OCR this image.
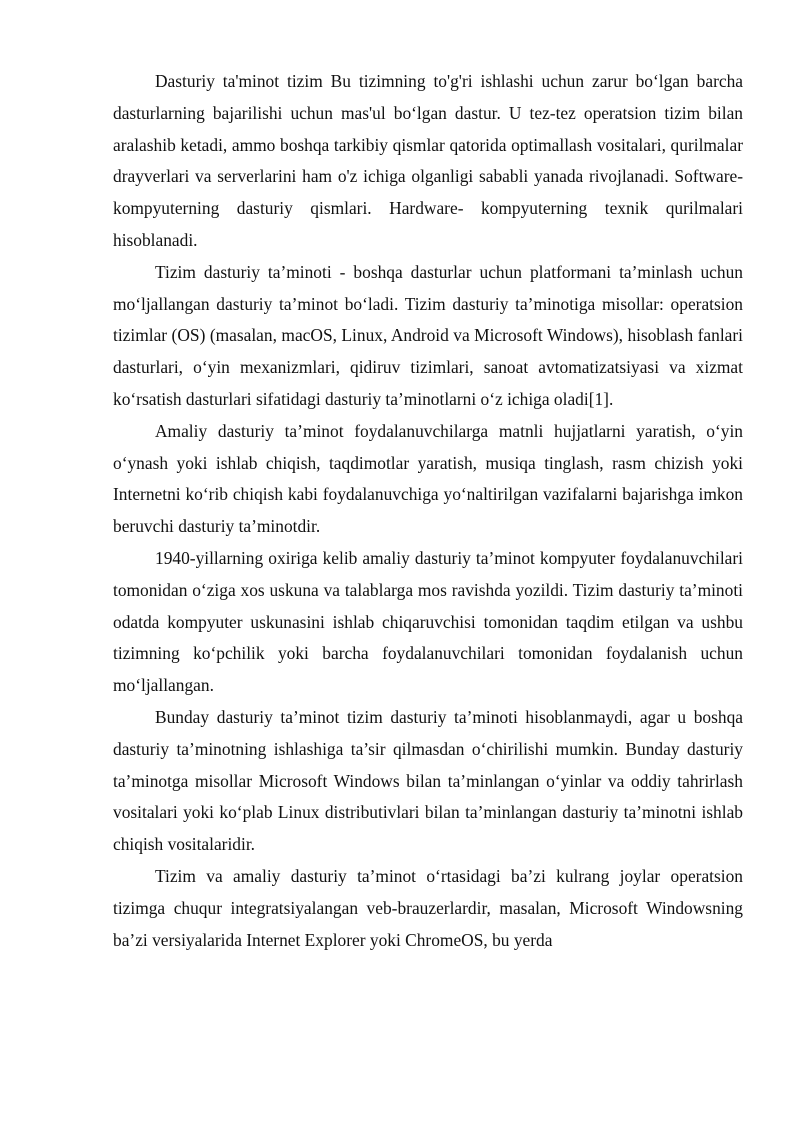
Dasturiy ta'minot tizim Bu tizimning to'g'ri ishlashi uchun zarur bo‘lgan barcha dasturlarning bajarilishi uchun mas'ul bo‘lgan dastur. U tez-tez operatsion tizim bilan aralashib ketadi, ammo boshqa tarkibiy qismlar qatorida optimallash vositalari, qurilmalar drayverlari va serverlarini ham o'z ichiga olganligi sababli yanada rivojlanadi. Software- kompyuterning dasturiy qismlari. Hardware- kompyuterning texnik qurilmalari hisoblanadi.

Tizim dasturiy ta’minoti - boshqa dasturlar uchun platformani ta’minlash uchun mo‘ljallangan dasturiy ta’minot bo‘ladi. Tizim dasturiy ta’minotiga misollar: operatsion tizimlar (OS) (masalan, macOS, Linux, Android va Microsoft Windows), hisoblash fanlari dasturlari, o‘yin mexanizmlari, qidiruv tizimlari, sanoat avtomatizatsiyasi va xizmat ko‘rsatish dasturlari sifatidagi dasturiy ta’minotlarni o‘z ichiga oladi[1].

Amaliy dasturiy ta’minot foydalanuvchilarga matnli hujjatlarni yaratish, o‘yin o‘ynash yoki ishlab chiqish, taqdimotlar yaratish, musiqa tinglash, rasm chizish yoki Internetni ko‘rib chiqish kabi foydalanuvchiga yo‘naltirilgan vazifalarni bajarishga imkon beruvchi dasturiy ta’minotdir.

1940-yillarning oxiriga kelib amaliy dasturiy ta’minot kompyuter foydalanuvchilari tomonidan o‘ziga xos uskuna va talablarga mos ravishda yozildi. Tizim dasturiy ta’minoti odatda kompyuter uskunasini ishlab chiqaruvchisi tomonidan taqdim etilgan va ushbu tizimning ko‘pchilik yoki barcha foydalanuvchilari tomonidan foydalanish uchun mo‘ljallangan.

Bunday dasturiy ta’minot tizim dasturiy ta’minoti hisoblanmaydi, agar u boshqa dasturiy ta’minotning ishlashiga ta’sir qilmasdan o‘chirilishi mumkin. Bunday dasturiy ta’minotga misollar Microsoft Windows bilan ta’minlangan o‘yinlar va oddiy tahrirlash vositalari yoki ko‘plab Linux distributivlari bilan ta’minlangan dasturiy ta’minotni ishlab chiqish vositalaridir.

Tizim va amaliy dasturiy ta’minot o‘rtasidagi ba’zi kulrang joylar operatsion tizimga chuqur integratsiyalangan veb-brauzerlardir, masalan, Microsoft Windowsning ba’zi versiyalarida Internet Explorer yoki ChromeOS, bu yerda
